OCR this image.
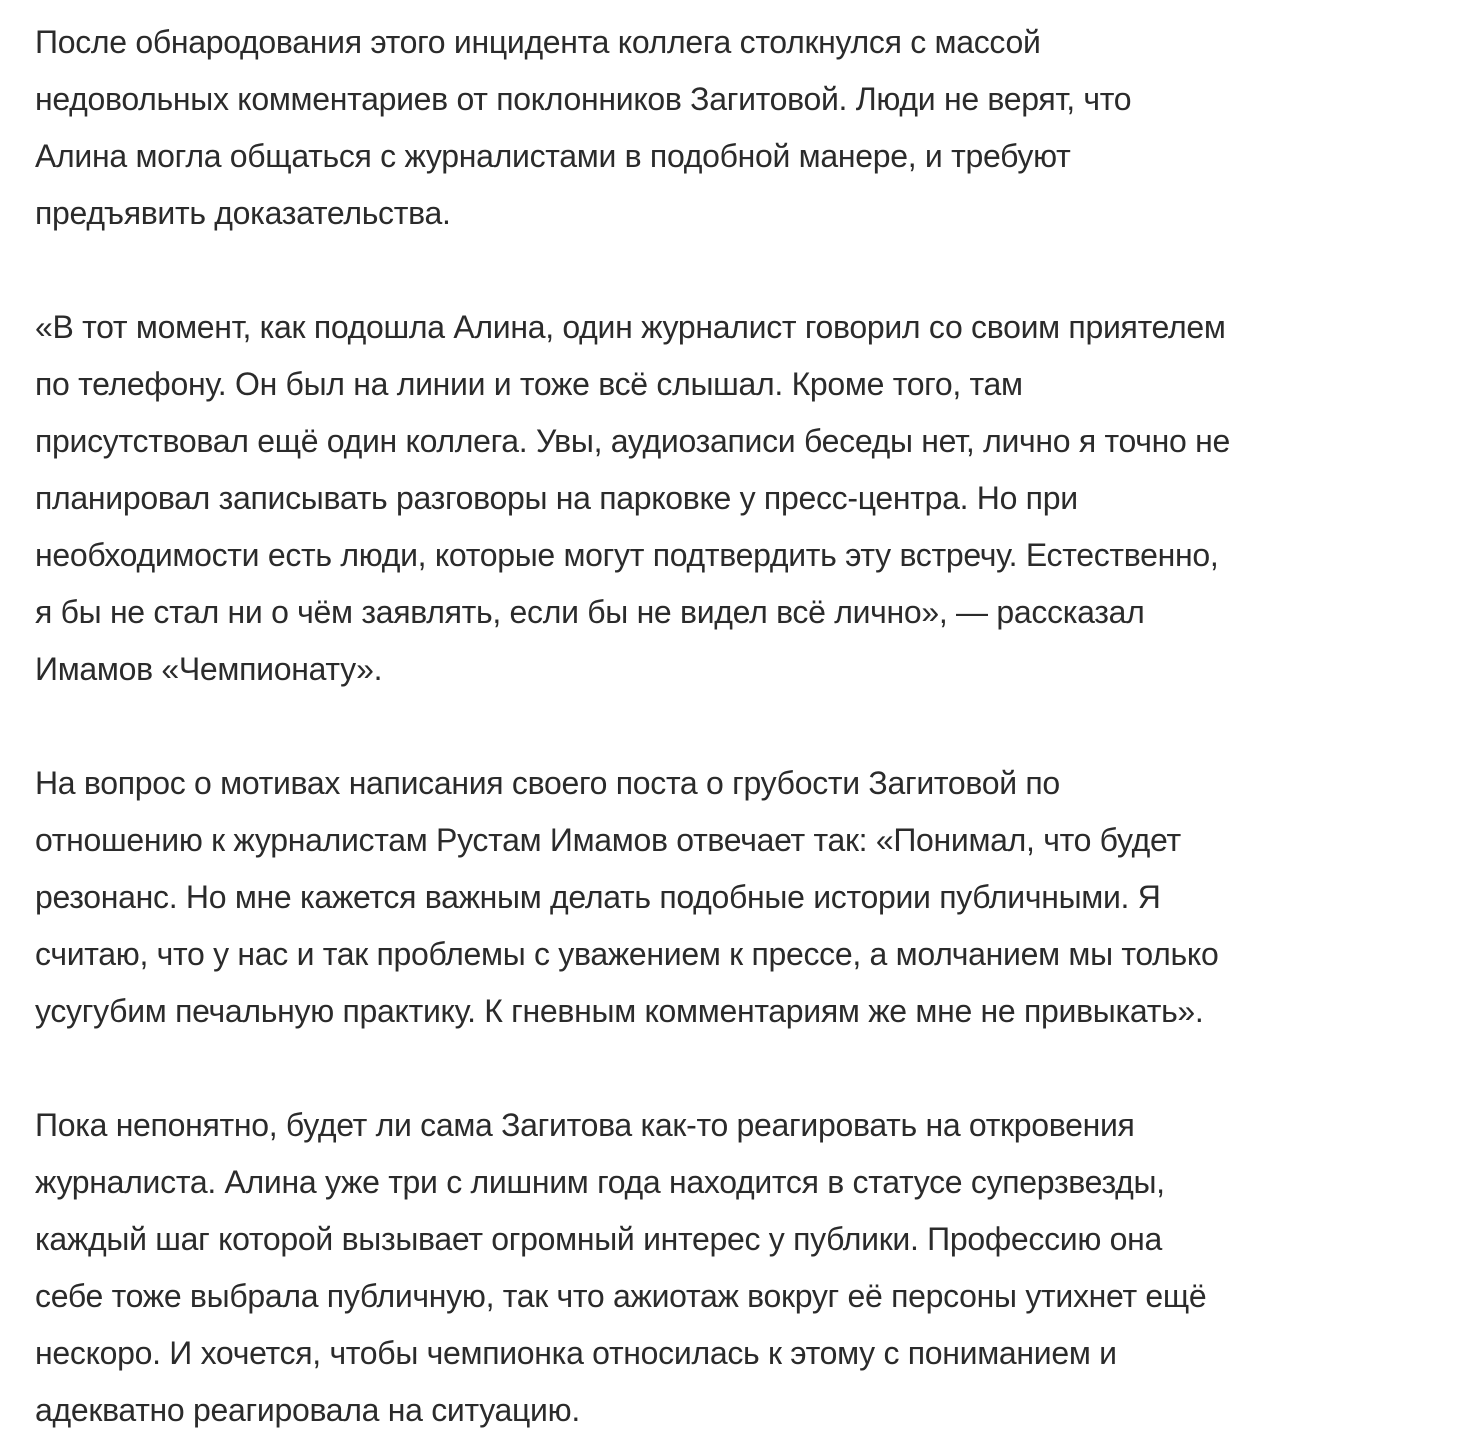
После обнародования этого инцидента коллега столкнулся с массой
недовольных комментариев от поклонников Загитовой. Люди не верят, что
Алина могла общаться с журналистами в подобной манере, и требуют
предъявить доказательства.

«В тот момент, как подошла Алина, один журналист говорил со своим приятелем
по телефону. Он был на линии и тоже всё слышал. Кроме того, там
присутствовал ещё один коллега. Увы, аудиозаписи беседы нет, лично я точно не
планировал записывать разговоры на парковке у пресс-центра. Но при
необходимости есть люди, которые могут подтвердить эту встречу. Естественно,
я бы не стал ни о чём заявлять, если бы не видел всё лично», — рассказал
Имамов «Чемпионату».

На вопрос о мотивах написания своего поста о грубости Загитовой по
отношению к журналистам Рустам Имамов отвечает так: «Понимал, что будет
резонанс. Но мне кажется важным делать подобные истории публичными. Я
считаю, что у нас и так проблемы с уважением к прессе, а молчанием мы только
усугубим печальную практику. К гневным комментариям же мне не привыкать».

Пока непонятно, будет ли сама Загитова как-то реагировать на откровения
журналиста. Алина уже три с лишним года находится в статусе суперзвезды,
каждый шаг которой вызывает огромный интерес у публики. Профессию она
себе тоже выбрала публичную, так что ажиотаж вокруг её персоны утихнет ещё
нескоро. И хочется, чтобы чемпионка относилась к этому с пониманием и
адекватно реагировала на ситуацию.
